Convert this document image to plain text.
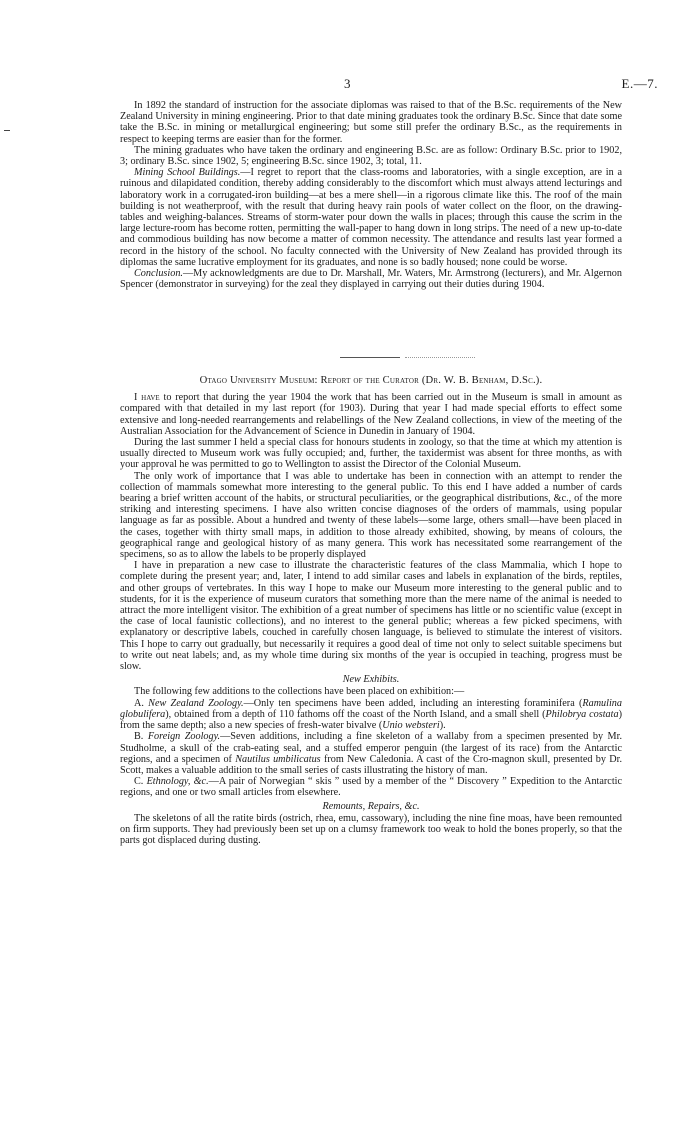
3	E.—7.

In 1892 the standard of instruction for the associate diplomas was raised to that of the B.Sc. requirements of the New Zealand University in mining engineering. Prior to that date mining graduates took the ordinary B.Sc. Since that date some take the B.Sc. in mining or metallurgical engineering; but some still prefer the ordinary B.Sc., as the requirements in respect to keeping terms are easier than for the former.

The mining graduates who have taken the ordinary and engineering B.Sc. are as follow: Ordinary B.Sc. prior to 1902, 3; ordinary B.Sc. since 1902, 5; engineering B.Sc. since 1902, 3; total, 11.

Mining School Buildings.—I regret to report that the class-rooms and laboratories, with a single exception, are in a ruinous and dilapidated condition, thereby adding considerably to the discomfort which must always attend lecturings and laboratory work in a corrugated-iron building—at bes a mere shell—in a rigorous climate like this. The roof of the main building is not weatherproof, with the result that during heavy rain pools of water collect on the floor, on the drawing-tables and weighing-balances. Streams of storm-water pour down the walls in places; through this cause the scrim in the large lecture-room has become rotten, permitting the wall-paper to hang down in long strips. The need of a new up-to-date and commodious building has now become a matter of common necessity. The attendance and results last year formed a record in the history of the school. No faculty connected with the University of New Zealand has provided through its diplomas the same lucrative employment for its graduates, and none is so badly housed; none could be worse.

Conclusion.—My acknowledgments are due to Dr. Marshall, Mr. Waters, Mr. Armstrong (lecturers), and Mr. Algernon Spencer (demonstrator in surveying) for the zeal they displayed in carrying out their duties during 1904.

Otago University Museum: Report of the Curator (Dr. W. B. Benham, D.Sc.).

I have to report that during the year 1904 the work that has been carried out in the Museum is small in amount as compared with that detailed in my last report (for 1903). During that year I had made special efforts to effect some extensive and long-needed rearrangements and relabellings of the New Zealand collections, in view of the meeting of the Australian Association for the Advancement of Science in Dunedin in January of 1904.

During the last summer I held a special class for honours students in zoology, so that the time at which my attention is usually directed to Museum work was fully occupied; and, further, the taxidermist was absent for three months, as with your approval he was permitted to go to Wellington to assist the Director of the Colonial Museum.

The only work of importance that I was able to undertake has been in connection with an attempt to render the collection of mammals somewhat more interesting to the general public. To this end I have added a number of cards bearing a brief written account of the habits, or structural peculiarities, or the geographical distributions, &c., of the more striking and interesting specimens. I have also written concise diagnoses of the orders of mammals, using popular language as far as possible. About a hundred and twenty of these labels—some large, others small—have been placed in the cases, together with thirty small maps, in addition to those already exhibited, showing, by means of colours, the geographical range and geological history of as many genera. This work has necessitated some rearrangement of the specimens, so as to allow the labels to be properly displayed

I have in preparation a new case to illustrate the characteristic features of the class Mammalia, which I hope to complete during the present year; and, later, I intend to add similar cases and labels in explanation of the birds, reptiles, and other groups of vertebrates. In this way I hope to make our Museum more interesting to the general public and to students, for it is the experience of museum curators that something more than the mere name of the animal is needed to attract the more intelligent visitor. The exhibition of a great number of specimens has little or no scientific value (except in the case of local faunistic collections), and no interest to the general public; whereas a few picked specimens, with explanatory or descriptive labels, couched in carefully chosen language, is believed to stimulate the interest of visitors. This I hope to carry out gradually, but necessarily it requires a good deal of time not only to select suitable specimens but to write out neat labels; and, as my whole time during six months of the year is occupied in teaching, progress must be slow.

New Exhibits.

The following few additions to the collections have been placed on exhibition:—

A. New Zealand Zoology.—Only ten specimens have been added, including an interesting foraminifera (Ramulina globulifera), obtained from a depth of 110 fathoms off the coast of the North Island, and a small shell (Philobrya costata) from the same depth; also a new species of fresh-water bivalve (Unio websteri).

B. Foreign Zoology.—Seven additions, including a fine skeleton of a wallaby from a specimen presented by Mr. Studholme, a skull of the crab-eating seal, and a stuffed emperor penguin (the largest of its race) from the Antarctic regions, and a specimen of Nautilus umbilicatus from New Caledonia. A cast of the Cro-magnon skull, presented by Dr. Scott, makes a valuable addition to the small series of casts illustrating the history of man.

C. Ethnology, &c.—A pair of Norwegian “ skis ” used by a member of the “ Discovery ” Expedition to the Antarctic regions, and one or two small articles from elsewhere.

Remounts, Repairs, &c.

The skeletons of all the ratite birds (ostrich, rhea, emu, cassowary), including the nine fine moas, have been remounted on firm supports. They had previously been set up on a clumsy framework too weak to hold the bones properly, so that the parts got displaced during dusting.
